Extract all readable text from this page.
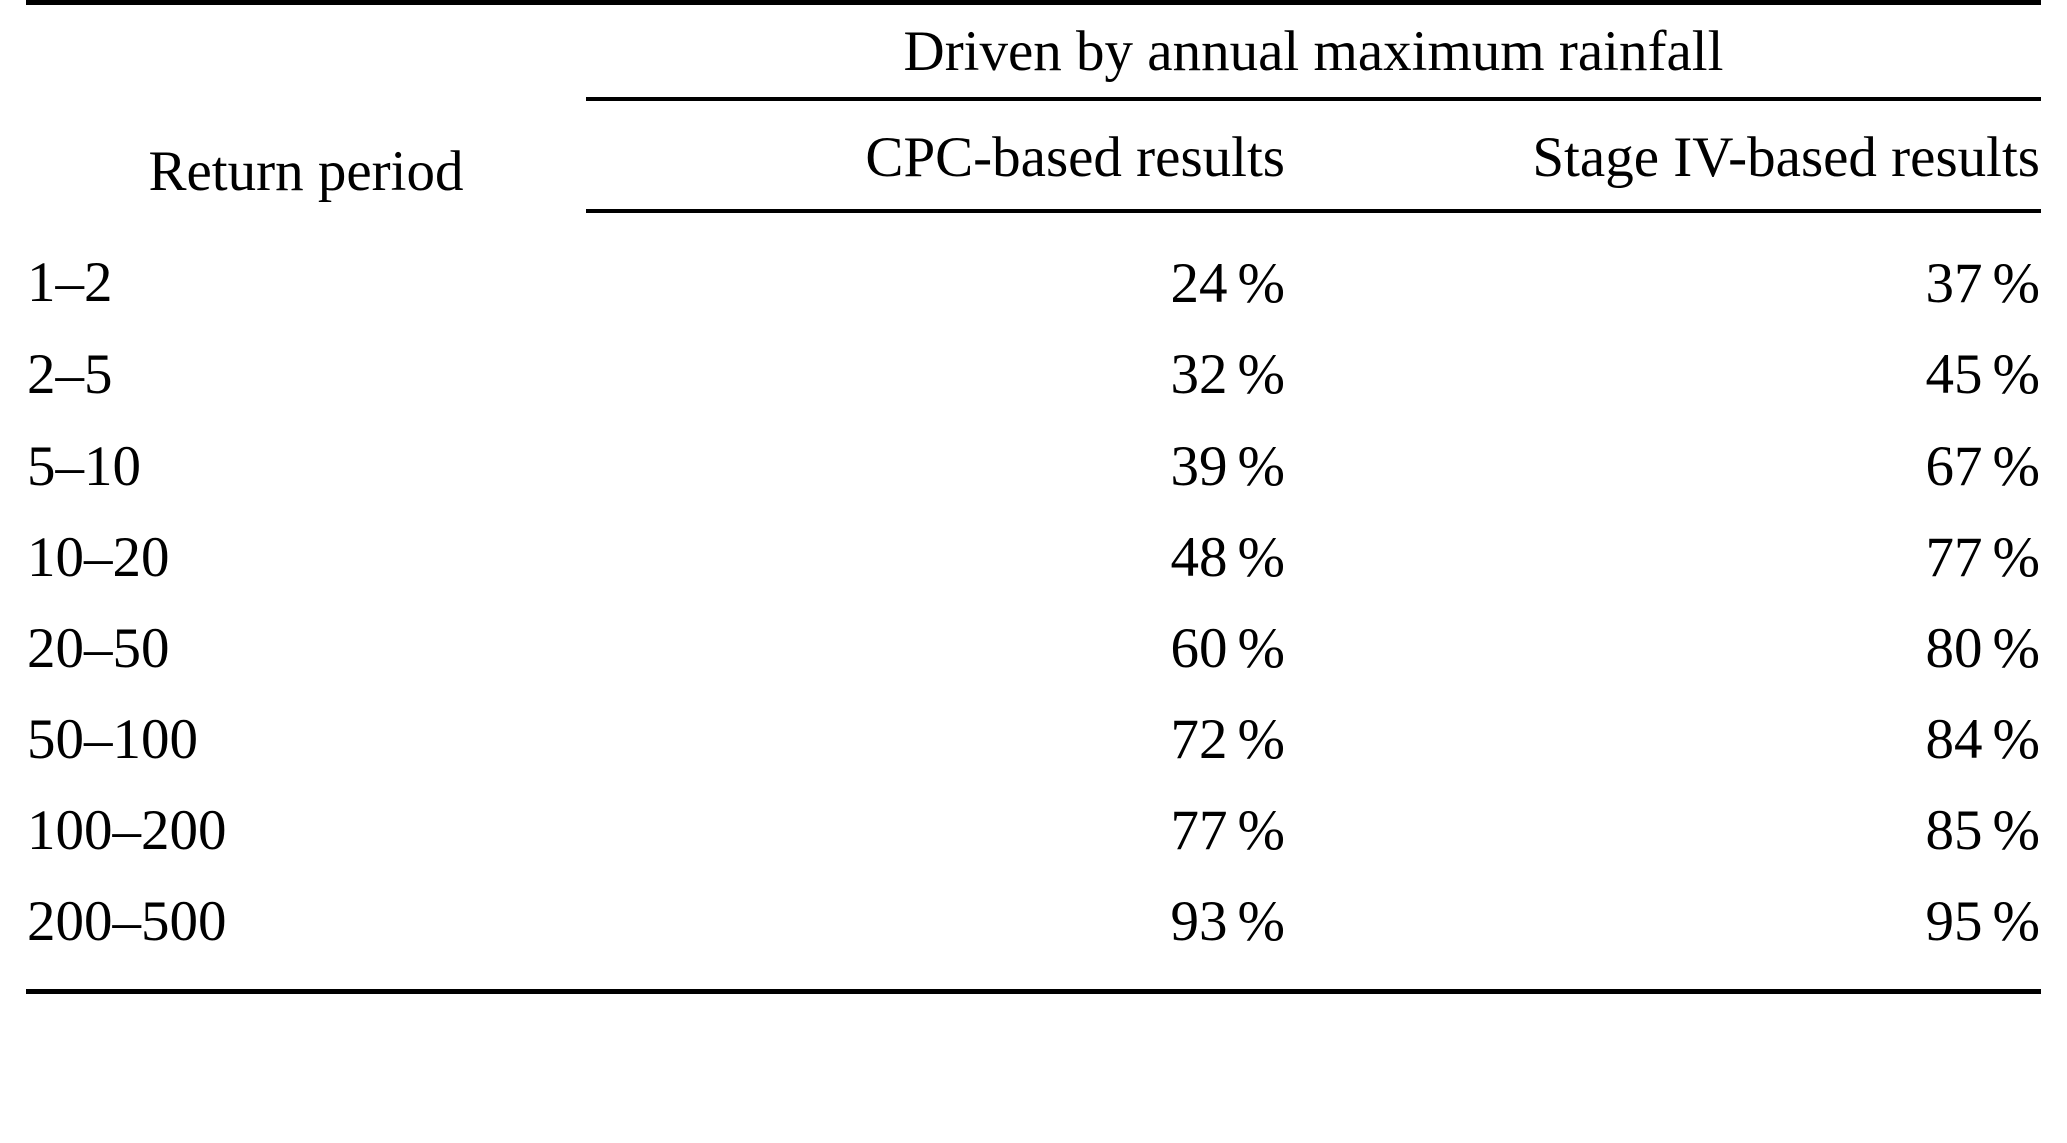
Return period	Driven by annual maximum rainfall	
	CPC-based results	Stage IV-based results
1–2	24 %	37 %
2–5	32 %	45 %
5–10	39 %	67 %
10–20	48 %	77 %
20–50	60 %	80 %
50–100	72 %	84 %
100–200	77 %	85 %
200–500	93 %	95 %
